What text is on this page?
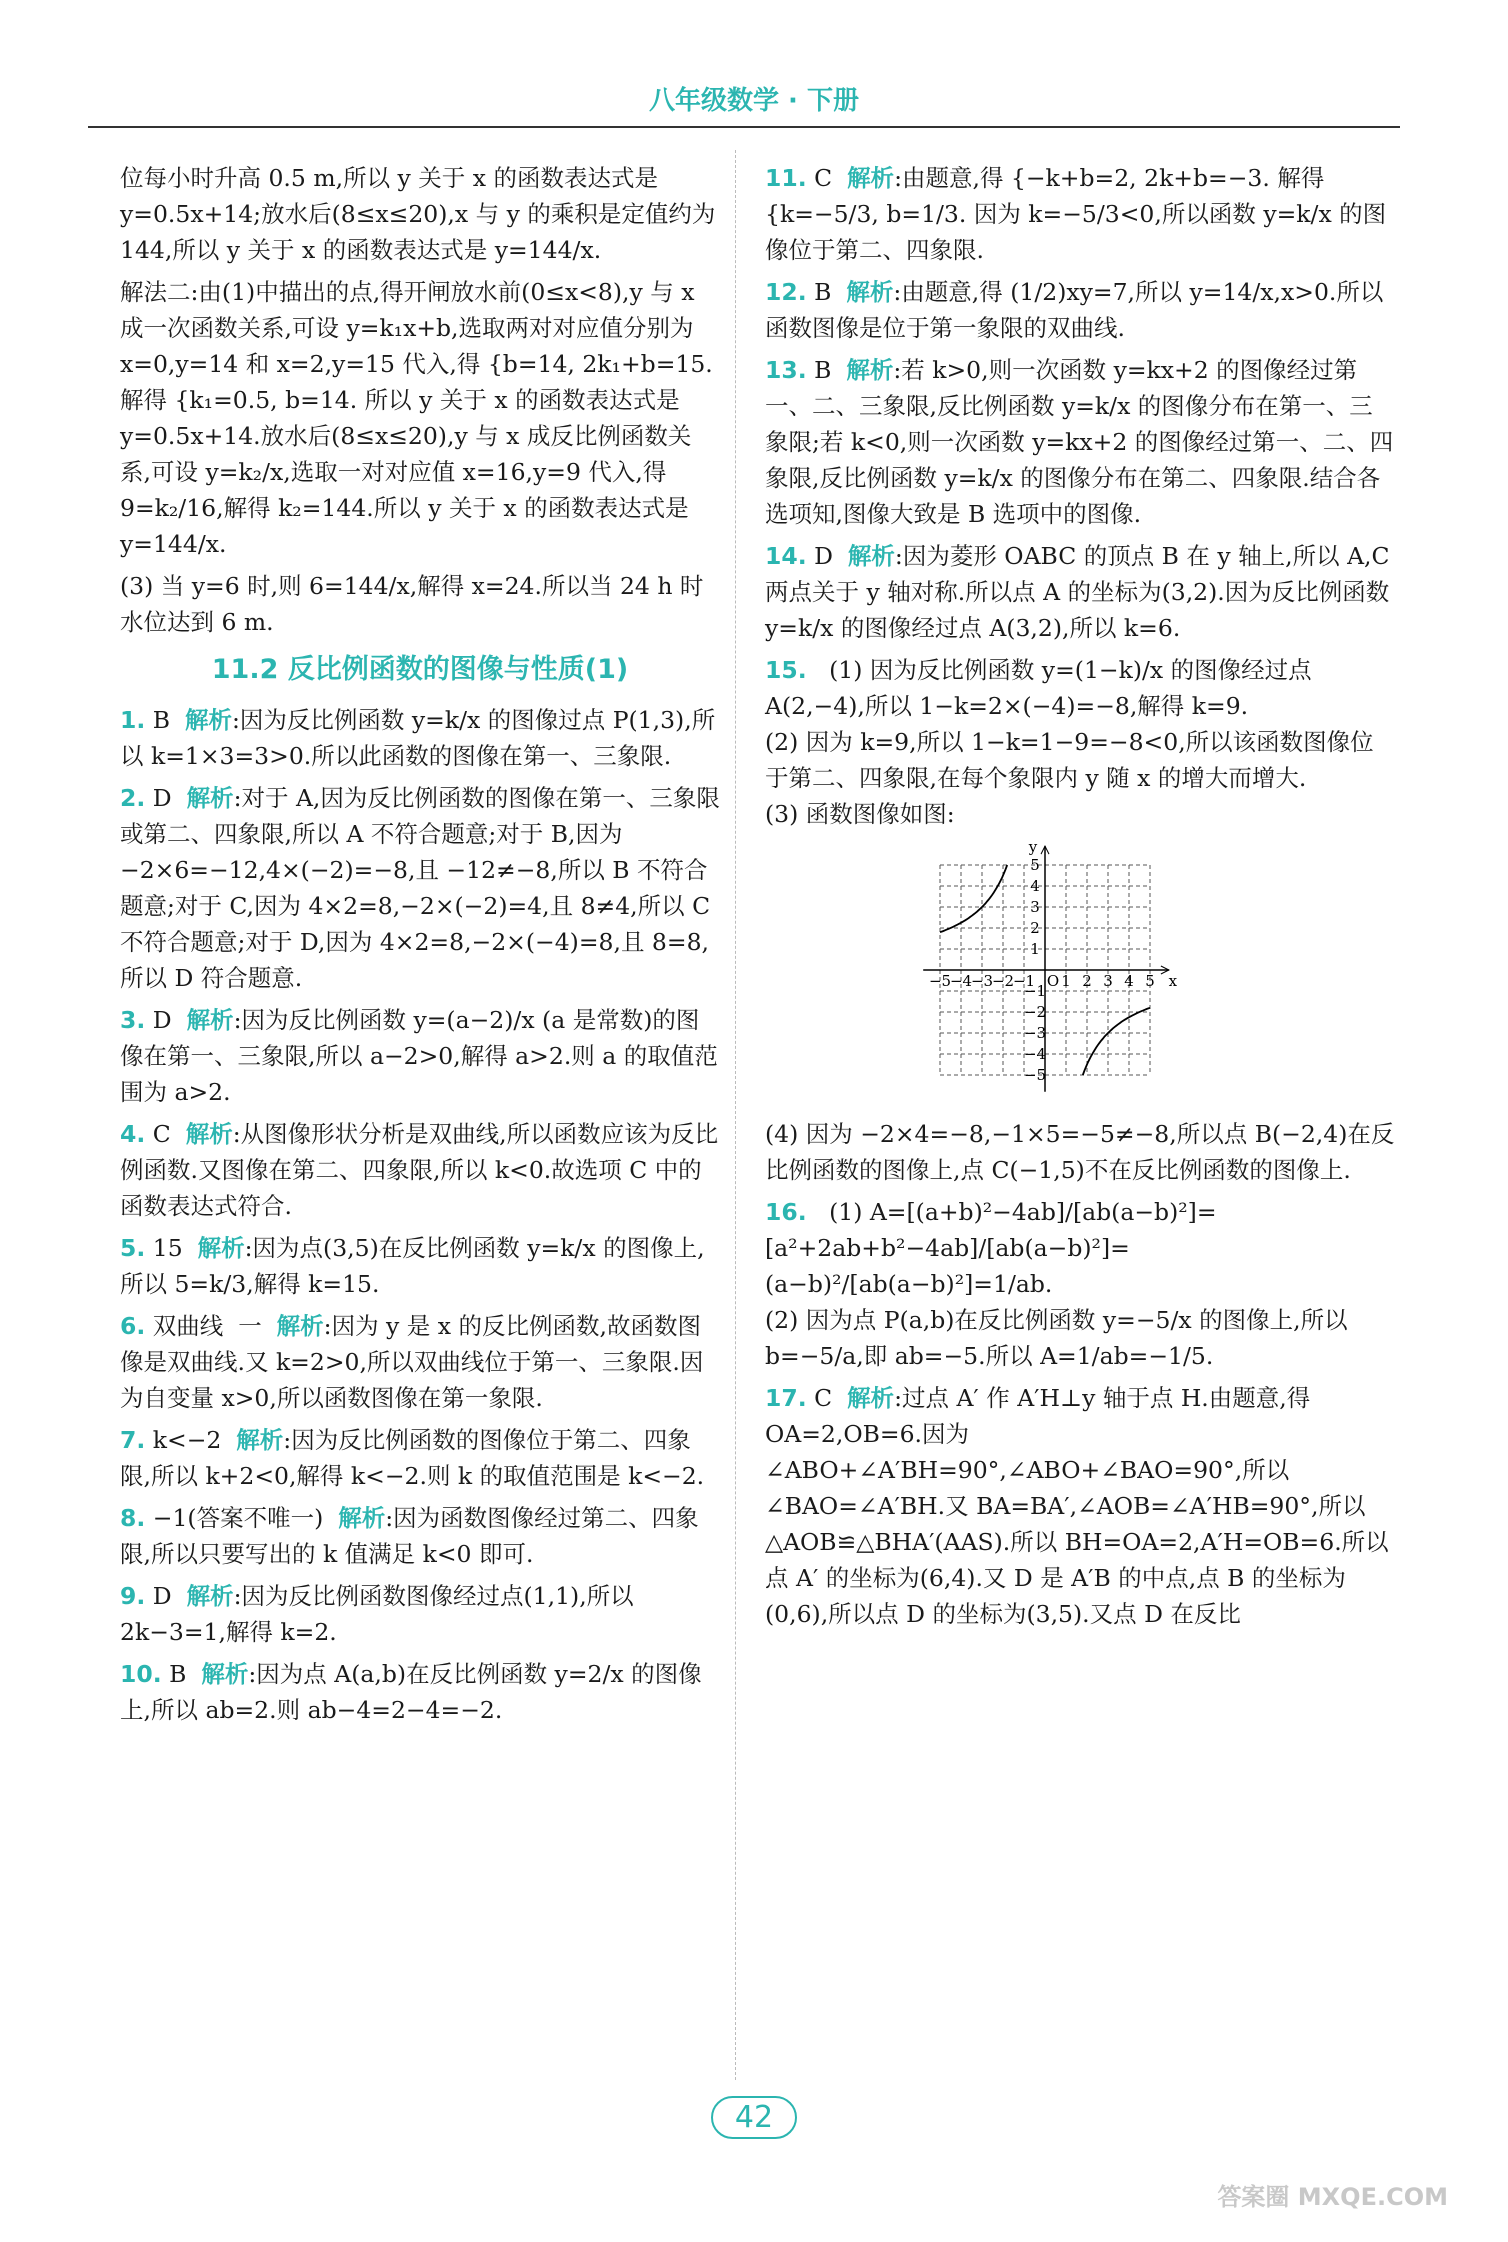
八年级数学 · 下册

位每小时升高 0.5 m,所以 y 关于 x 的函数表达式是 y=0.5x+14;放水后(8≤x≤20),x 与 y 的乘积是定值约为 144,所以 y 关于 x 的函数表达式是 y=144/x.

解法二:由(1)中描出的点,得开闸放水前(0≤x<8),y 与 x 成一次函数关系,可设 y=k₁x+b,选取两对对应值分别为 x=0,y=14 和 x=2,y=15 代入,得 {b=14, 2k₁+b=15. 解得 {k₁=0.5, b=14. 所以 y 关于 x 的函数表达式是 y=0.5x+14.放水后(8≤x≤20),y 与 x 成反比例函数关系,可设 y=k₂/x,选取一对对应值 x=16,y=9 代入,得 9=k₂/16,解得 k₂=144.所以 y 关于 x 的函数表达式是 y=144/x.

(3) 当 y=6 时,则 6=144/x,解得 x=24.所以当 24 h 时水位达到 6 m.

11.2 反比例函数的图像与性质(1)

1. B 解析:因为反比例函数 y=k/x 的图像过点 P(1,3),所以 k=1×3=3>0.所以此函数的图像在第一、三象限.

2. D 解析:对于 A,因为反比例函数的图像在第一、三象限或第二、四象限,所以 A 不符合题意;对于 B,因为 −2×6=−12,4×(−2)=−8,且 −12≠−8,所以 B 不符合题意;对于 C,因为 4×2=8,−2×(−2)=4,且 8≠4,所以 C 不符合题意;对于 D,因为 4×2=8,−2×(−4)=8,且 8=8,所以 D 符合题意.

3. D 解析:因为反比例函数 y=(a−2)/x (a 是常数)的图像在第一、三象限,所以 a−2>0,解得 a>2.则 a 的取值范围为 a>2.

4. C 解析:从图像形状分析是双曲线,所以函数应该为反比例函数.又图像在第二、四象限,所以 k<0.故选项 C 中的函数表达式符合.

5. 15 解析:因为点(3,5)在反比例函数 y=k/x 的图像上,所以 5=k/3,解得 k=15.

6. 双曲线  一 解析:因为 y 是 x 的反比例函数,故函数图像是双曲线.又 k=2>0,所以双曲线位于第一、三象限.因为自变量 x>0,所以函数图像在第一象限.

7. k<−2 解析:因为反比例函数的图像位于第二、四象限,所以 k+2<0,解得 k<−2.则 k 的取值范围是 k<−2.

8. −1(答案不唯一) 解析:因为函数图像经过第二、四象限,所以只要写出的 k 值满足 k<0 即可.

9. D 解析:因为反比例函数图像经过点(1,1),所以 2k−3=1,解得 k=2.

10. B 解析:因为点 A(a,b)在反比例函数 y=2/x 的图像上,所以 ab=2.则 ab−4=2−4=−2.

11. C 解析:由题意,得 {−k+b=2, 2k+b=−3. 解得 {k=−5/3, b=1/3. 因为 k=−5/3<0,所以函数 y=k/x 的图像位于第二、四象限.

12. B 解析:由题意,得 (1/2)xy=7,所以 y=14/x,x>0.所以函数图像是位于第一象限的双曲线.

13. B 解析:若 k>0,则一次函数 y=kx+2 的图像经过第一、二、三象限,反比例函数 y=k/x 的图像分布在第一、三象限;若 k<0,则一次函数 y=kx+2 的图像经过第一、二、四象限,反比例函数 y=k/x 的图像分布在第二、四象限.结合各选项知,图像大致是 B 选项中的图像.

14. D 解析:因为菱形 OABC 的顶点 B 在 y 轴上,所以 A,C 两点关于 y 轴对称.所以点 A 的坐标为(3,2).因为反比例函数 y=k/x 的图像经过点 A(3,2),所以 k=6.

15. (1) 因为反比例函数 y=(1−k)/x 的图像经过点 A(2,−4),所以 1−k=2×(−4)=−8,解得 k=9.
(2) 因为 k=9,所以 1−k=1−9=−8<0,所以该函数图像位于第二、四象限,在每个象限内 y 随 x 的增大而增大.
(3) 函数图像如图:

−5
−4
−3
−2
−1 1 2 3 4 5
5
4
3
2
1
−1
−2
−3
−4
−5
O	x
y

(4) 因为 −2×4=−8,−1×5=−5≠−8,所以点 B(−2,4)在反比例函数的图像上,点 C(−1,5)不在反比例函数的图像上.

16. (1) A=[(a+b)²−4ab]/[ab(a−b)²]=[a²+2ab+b²−4ab]/[ab(a−b)²]=(a−b)²/[ab(a−b)²]=1/ab.
(2) 因为点 P(a,b)在反比例函数 y=−5/x 的图像上,所以 b=−5/a,即 ab=−5.所以 A=1/ab=−1/5.

17. C 解析:过点 A′ 作 A′H⊥y 轴于点 H.由题意,得 OA=2,OB=6.因为 ∠ABO+∠A′BH=90°,∠ABO+∠BAO=90°,所以 ∠BAO=∠A′BH.又 BA=BA′,∠AOB=∠A′HB=90°,所以 △AOB≌△BHA′(AAS).所以 BH=OA=2,A′H=OB=6.所以点 A′ 的坐标为(6,4).又 D 是 A′B 的中点,点 B 的坐标为(0,6),所以点 D 的坐标为(3,5).又点 D 在反比

42
答案圈 MXQE.COM
